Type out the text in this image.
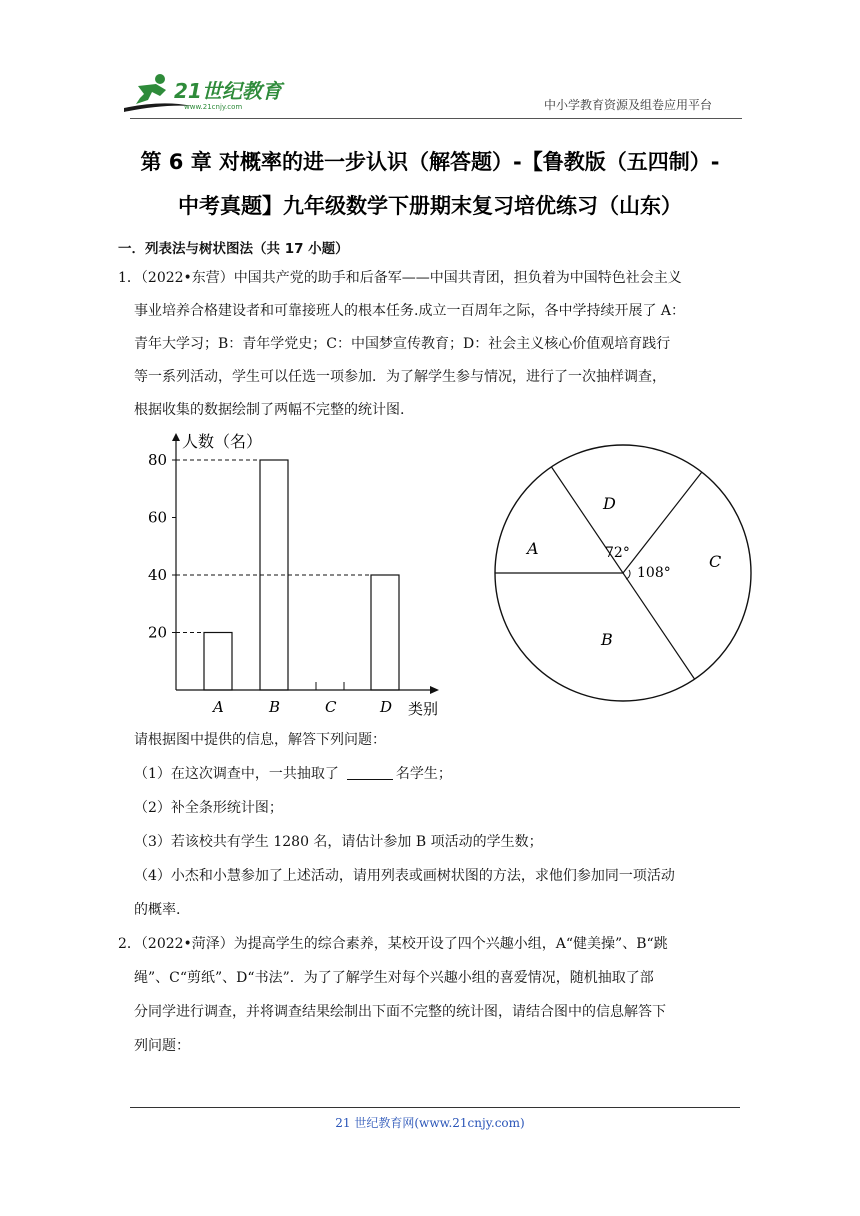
21世纪教育
www.21cnjy.com	中小学教育资源及组卷应用平台
第 6 章 对概率的进一步认识（解答题）-【鲁教版（五四制）-
中考真题】九年级数学下册期末复习培优练习（山东）
一．列表法与树状图法（共 17 小题）
1．（2022•东营）中国共产党的助手和后备军——中国共青团，担负着为中国特色社会主义
事业培养合格建设者和可靠接班人的根本任务.成立一百周年之际，各中学持续开展了 A：
青年大学习；B：青年学党史；C：中国梦宣传教育；D：社会主义核心价值观培育践行
等一系列活动，学生可以任选一项参加．为了解学生参与情况，进行了一次抽样调查，
根据收集的数据绘制了两幅不完整的统计图.
人数（名）
类别
20
40
60
80
A	B	C	D
A
B
C
D
72°
108°
请根据图中提供的信息，解答下列问题：
（1）在这次调查中，一共抽取了	名学生；
（2）补全条形统计图；
（3）若该校共有学生 1280 名，请估计参加 B 项活动的学生数；
（4）小杰和小慧参加了上述活动，请用列表或画树状图的方法，求他们参加同一项活动
的概率.
2．（2022•菏泽）为提高学生的综合素养，某校开设了四个兴趣小组，A“健美操”、B“跳
绳”、C“剪纸”、D“书法”．为了了解学生对每个兴趣小组的喜爱情况，随机抽取了部
分同学进行调查，并将调查结果绘制出下面不完整的统计图，请结合图中的信息解答下
列问题：
21 世纪教育网(www.21cnjy.com)
